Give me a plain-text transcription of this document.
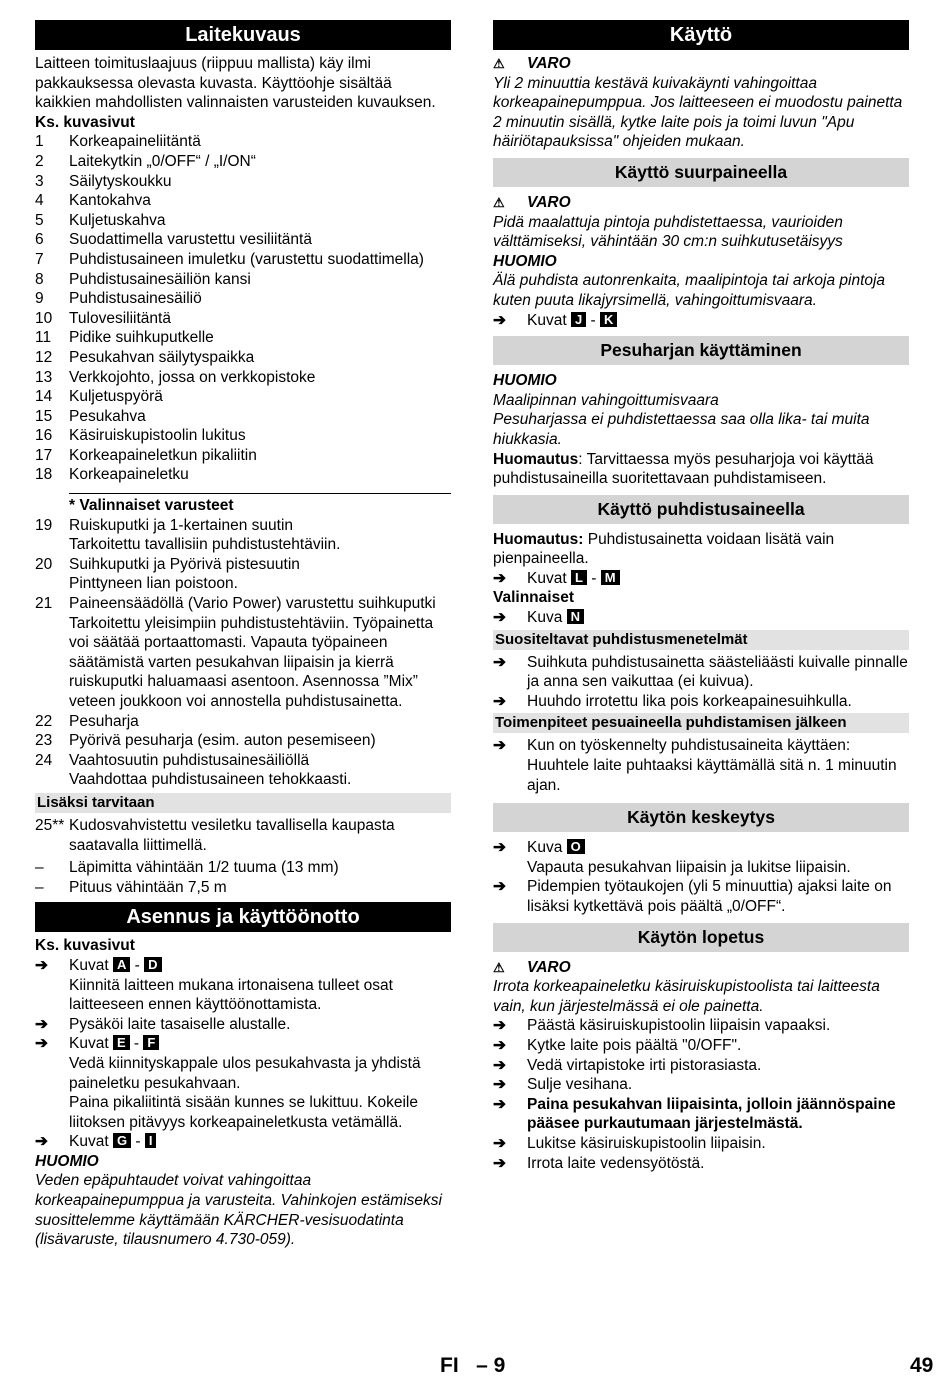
Laitekuvaus

Laitteen toimituslaajuus (riippuu mallista) käy ilmi pakkauksessa olevasta kuvasta. Käyttöohje sisältää kaikkien mahdollisten valinnaisten varusteiden kuvauksen.

Ks. kuvasivut

1	Korkeapaineliitäntä
2	Laitekytkin „0/OFF“ / „I/ON“
3	Säilytyskoukku
4	Kantokahva
5	Kuljetuskahva
6	Suodattimella varustettu vesiliitäntä
7	Puhdistusaineen imuletku (varustettu suodattimella)
8	Puhdistusainesäiliön kansi
9	Puhdistusainesäiliö
10	Tulovesiliitäntä
11	Pidike suihkuputkelle
12	Pesukahvan säilytyspaikka
13	Verkkojohto, jossa on verkkopistoke
14	Kuljetuspyörä
15	Pesukahva
16	Käsiruiskupistoolin lukitus
17	Korkeapaineletkun pikaliitin
18	Korkeapaineletku

* Valinnaiset varusteet

19	Ruiskuputki ja 1-kertainen suutin
Tarkoitettu tavallisiin puhdistustehtäviin.
20	Suihkuputki ja Pyörivä pistesuutin
Pinttyneen lian poistoon.
21	Paineensäädöllä (Vario Power) varustettu suihkuputki
Tarkoitettu yleisimpiin puhdistustehtäviin. Työpainetta voi säätää portaattomasti. Vapauta työpaineen säätämistä varten pesukahvan liipaisin ja kierrä ruiskuputki haluamaasi asentoon. Asennossa ”Mix” veteen joukkoon voi annostella puhdistusainetta.
22	Pesuharja
23	Pyörivä pesuharja (esim. auton pesemiseen)
24	Vaahtosuutin puhdistusainesäiliöllä
Vaahdottaa puhdistusaineen tehokkaasti.
Lisäksi tarvitaan
25** Kudosvahvistettu vesiletku tavallisella kaupasta saatavalla liittimellä.
–	Läpimitta vähintään 1/2 tuuma (13 mm)
–	Pituus vähintään 7,5 m
Asennus ja käyttöönotto

Ks. kuvasivut

➔	Kuvat A - D

Kiinnitä laitteen mukana irtonaisena tulleet osat laitteeseen ennen käyttöönottamista.

➔	Pysäköi laite tasaiselle alustalle.
➔	Kuvat E - F

Vedä kiinnityskappale ulos pesukahvasta ja yhdistä paineletku pesukahvaan.

Paina pikaliitintä sisään kunnes se lukittuu. Kokeile liitoksen pitävyys korkeapaineletkusta vetämällä.

➔	Kuvat G - I

HUOMIO

Veden epäpuhtaudet voivat vahingoittaa korkeapainepumppua ja varusteita. Vahinkojen estämiseksi suosittelemme käyttämään KÄRCHER-vesisuodatinta (lisävaruste, tilausnumero 4.730-059).

Käyttö
⚠	VARO

Yli 2 minuuttia kestävä kuivakäynti vahingoittaa korkeapainepumppua. Jos laitteeseen ei muodostu painetta 2 minuutin sisällä, kytke laite pois ja toimi luvun "Apu häiriötapauksissa" ohjeiden mukaan.

Käyttö suurpaineella
⚠	VARO

Pidä maalattuja pintoja puhdistettaessa, vaurioiden välttämiseksi, vähintään 30 cm:n suihkutusetäisyys

HUOMIO

Älä puhdista autonrenkaita, maalipintoja tai arkoja pintoja kuten puuta likajyrsimellä, vahingoittumisvaara.

➔	Kuvat J - K
Pesuharjan käyttäminen

HUOMIO

Maalipinnan vahingoittumisvaara

Pesuharjassa ei puhdistettaessa saa olla lika- tai muita hiukkasia.

Huomautus: Tarvittaessa myös pesuharjoja voi käyttää puhdistusaineilla suoritettavaan puhdistamiseen.

Käyttö puhdistusaineella

Huomautus: Puhdistusainetta voidaan lisätä vain pienpaineella.

➔	Kuvat L - M

Valinnaiset

➔	Kuva N
Suositeltavat puhdistusmenetelmät
➔	Suihkuta puhdistusainetta säästeliäästi kuivalle pinnalle ja anna sen vaikuttaa (ei kuivua).
➔	Huuhdo irrotettu lika pois korkeapainesuihkulla.
Toimenpiteet pesuaineella puhdistamisen jälkeen
➔	Kun on työskennelty puhdistusaineita käyttäen: Huuhtele laite puhtaaksi käyttämällä sitä n. 1 minuutin ajan.
Käytön keskeytys
➔	Kuva O

Vapauta pesukahvan liipaisin ja lukitse liipaisin.

➔	Pidempien työtaukojen (yli 5 minuuttia) ajaksi laite on lisäksi kytkettävä pois päältä „0/OFF“.
Käytön lopetus
⚠	VARO

Irrota korkeapaineletku käsiruiskupistoolista tai laitteesta vain, kun järjestelmässä ei ole painetta.

➔	Päästä käsiruiskupistoolin liipaisin vapaaksi.
➔	Kytke laite pois päältä "0/OFF".
➔	Vedä virtapistoke irti pistorasiasta.
➔	Sulje vesihana.
➔	Paina pesukahvan liipaisinta, jolloin jäännöspaine pääsee purkautumaan järjestelmästä.
➔	Lukitse käsiruiskupistoolin liipaisin.
➔	Irrota laite vedensyötöstä.
FI   – 9	49
